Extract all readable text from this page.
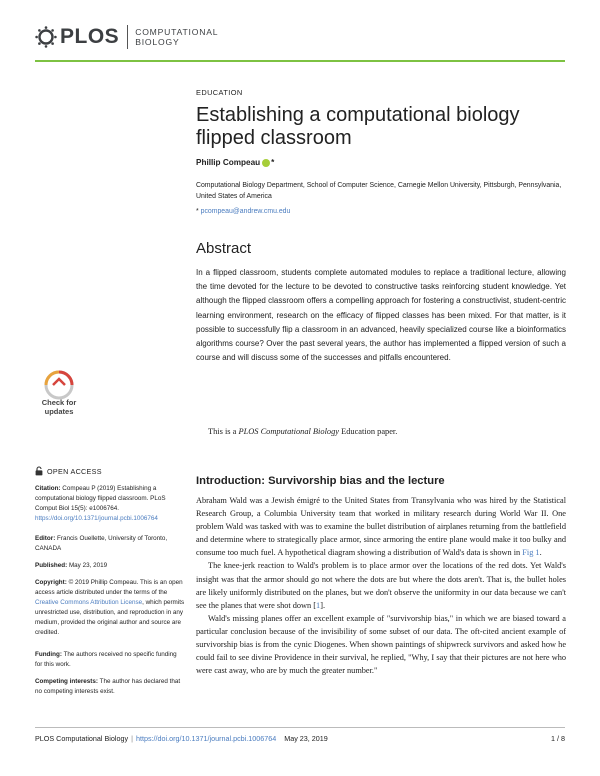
PLOS COMPUTATIONAL
BIOLOGY
EDUCATION
Establishing a computational biology flipped classroom
Phillip Compeau *
Computational Biology Department, School of Computer Science, Carnegie Mellon University, Pittsburgh, Pennsylvania, United States of America
* pcompeau@andrew.cmu.edu
Abstract

In a flipped classroom, students complete automated modules to replace a traditional lecture, allowing the time devoted for the lecture to be devoted to constructive tasks reinforcing student knowledge. Yet although the flipped classroom offers a compelling approach for fostering a constructivist, student-centric learning environment, research on the efficacy of flipped classes has been mixed. For that matter, is it possible to successfully flip a classroom in an advanced, heavily specialized course like a bioinformatics algorithms course? Over the past several years, the author has implemented a flipped version of such a course and will discuss some of the successes and pitfalls encountered.

Check for
updates
This is a PLOS Computational Biology Education paper.
OPEN ACCESS
Citation: Compeau P (2019) Establishing a computational biology flipped classroom. PLoS Comput Biol 15(5): e1006764. https://doi.org/10.1371/journal.pcbi.1006764
Editor: Francis Ouellette, University of Toronto, CANADA
Published: May 23, 2019
Copyright: © 2019 Phillip Compeau. This is an open access article distributed under the terms of the Creative Commons Attribution License, which permits unrestricted use, distribution, and reproduction in any medium, provided the original author and source are credited.
Funding: The authors received no specific funding for this work.
Competing interests: The author has declared that no competing interests exist.
Introduction: Survivorship bias and the lecture

Abraham Wald was a Jewish émigré to the United States from Transylvania who was hired by the Statistical Research Group, a Columbia University team that worked in military research during World War II. One problem Wald was tasked with was to examine the bullet distribution of airplanes returning from the battlefield and determine where to strategically place armor, since armoring the entire plane would make it too bulky and consume too much fuel. A hypothetical diagram showing a distribution of Wald's data is shown in Fig 1.

The knee-jerk reaction to Wald's problem is to place armor over the locations of the red dots. Yet Wald's insight was that the armor should go not where the dots are but where the dots aren't. That is, the bullet holes are likely uniformly distributed on the planes, but we don't observe the uniformity in our data because we can't see the planes that were shot down [1].

Wald's missing planes offer an excellent example of "survivorship bias," in which we are biased toward a particular conclusion because of the invisibility of some subset of our data. The oft-cited ancient example of survivorship bias is from the cynic Diogenes. When shown paintings of shipwreck survivors and asked how he could fail to see divine Providence in their survival, he replied, "Why, I say that their pictures are not here who were cast away, who are by much the greater number."

PLOS Computational Biology | https://doi.org/10.1371/journal.pcbi.1006764
May 23, 2019	1 / 8
